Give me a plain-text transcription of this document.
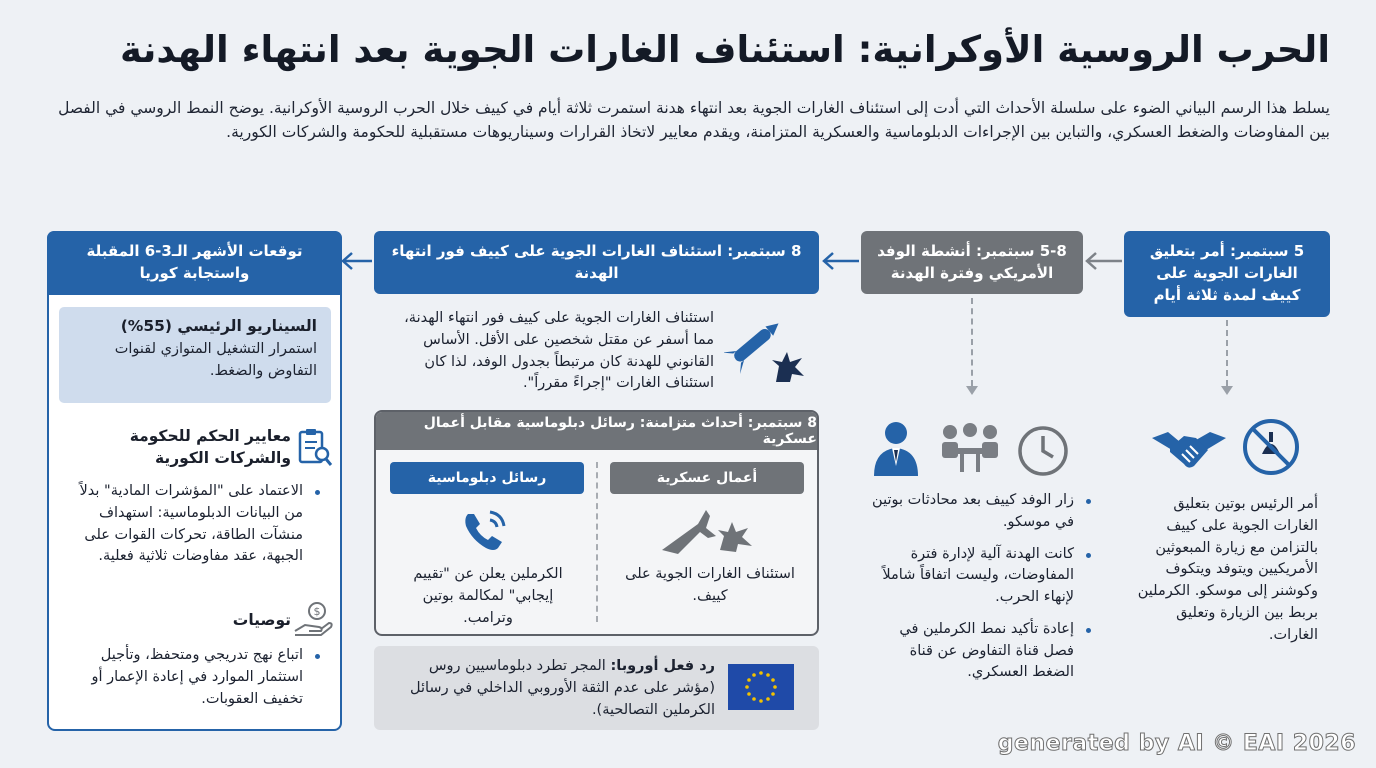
الحرب الروسية الأوكرانية: استئناف الغارات الجوية بعد انتهاء الهدنة

يسلط هذا الرسم البياني الضوء على سلسلة الأحداث التي أدت إلى استئناف الغارات الجوية بعد انتهاء هدنة استمرت ثلاثة أيام في كييف خلال الحرب الروسية الأوكرانية. يوضح النمط الروسي في الفصل بين المفاوضات والضغط العسكري، والتباين بين الإجراءات الدبلوماسية والعسكرية المتزامنة، ويقدم معايير لاتخاذ القرارات وسيناريوهات مستقبلية للحكومة والشركات الكورية.

5 سبتمبر: أمر بتعليق الغارات الجوية على كييف لمدة ثلاثة أيام

أمر الرئيس بوتين بتعليق الغارات الجوية على كييف بالتزامن مع زيارة المبعوثين الأمريكيين ويتوفد ويتكوف وكوشنر إلى موسكو. الكرملين بربط بين الزيارة وتعليق الغارات.

5-8 سبتمبر: أنشطة الوفد الأمريكي وفترة الهدنة
زار الوفد كييف بعد محادثات بوتين في موسكو.
كانت الهدنة آلية لإدارة فترة المفاوضات، وليست اتفاقاً شاملاً لإنهاء الحرب.
إعادة تأكيد نمط الكرملين في فصل قناة التفاوض عن قناة الضغط العسكري.
8 سبتمبر: استئناف الغارات الجوية على كييف فور انتهاء الهدنة

استئناف الغارات الجوية على كييف فور انتهاء الهدنة، مما أسفر عن مقتل شخصين على الأقل. الأساس القانوني للهدنة كان مرتبطاً بجدول الوفد، لذا كان استئناف الغارات "إجراءً مقرراً".

8 سبتمبر: أحداث متزامنة: رسائل دبلوماسية مقابل أعمال عسكرية
أعمال عسكرية

استئناف الغارات الجوية على كييف.

رسائل دبلوماسية

الكرملين يعلن عن "تقييم إيجابي" لمكالمة بوتين وترامب.

رد فعل أوروبا: المجر تطرد دبلوماسيين روس (مؤشر على عدم الثقة الأوروبي الداخلي في رسائل الكرملين التصالحية).

توقعات الأشهر الـ3-6 المقبلة واستجابة كوريا
السيناريو الرئيسي (55%)
استمرار التشغيل المتوازي لقنوات التفاوض والضغط.
معايير الحكم للحكومة والشركات الكورية
الاعتماد على "المؤشرات المادية" بدلاً من البيانات الدبلوماسية: استهداف منشآت الطاقة، تحركات القوات على الجبهة، عقد مفاوضات ثلاثية فعلية.
$
توصيات
اتباع نهج تدريجي ومتحفظ، وتأجيل استثمار الموارد في إعادة الإعمار أو تخفيف العقوبات.
generated by AI © EAI 2026
